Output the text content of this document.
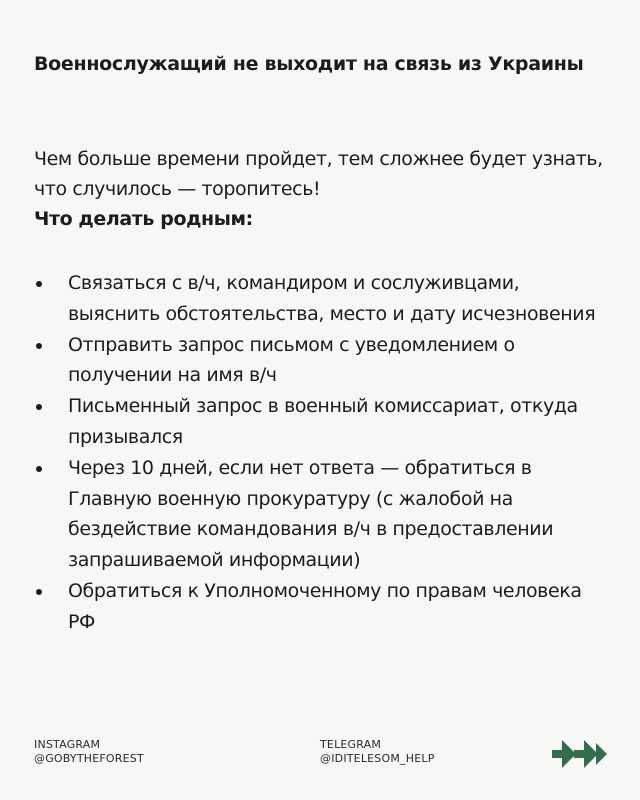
Военнослужащий не выходит на связь из Украины

Чем больше времени пройдет, тем сложнее будет узнать, что случилось — торопитесь!

Что делать родным:

Связаться с в/ч, командиром и сослуживцами, выяснить обстоятельства, место и дату исчезновения
Отправить запрос письмом с уведомлением о получении на имя в/ч
Письменный запрос в военный комиссариат, откуда призывался
Через 10 дней, если нет ответа — обратиться в Главную военную прокуратуру (с жалобой на бездействие командования в/ч в предоставлении запрашиваемой информации)
Обратиться к Уполномоченному по правам человека РФ
INSTAGRAM
@GOBYTHEFOREST
TELEGRAM
@IDITELESOM_HELP
